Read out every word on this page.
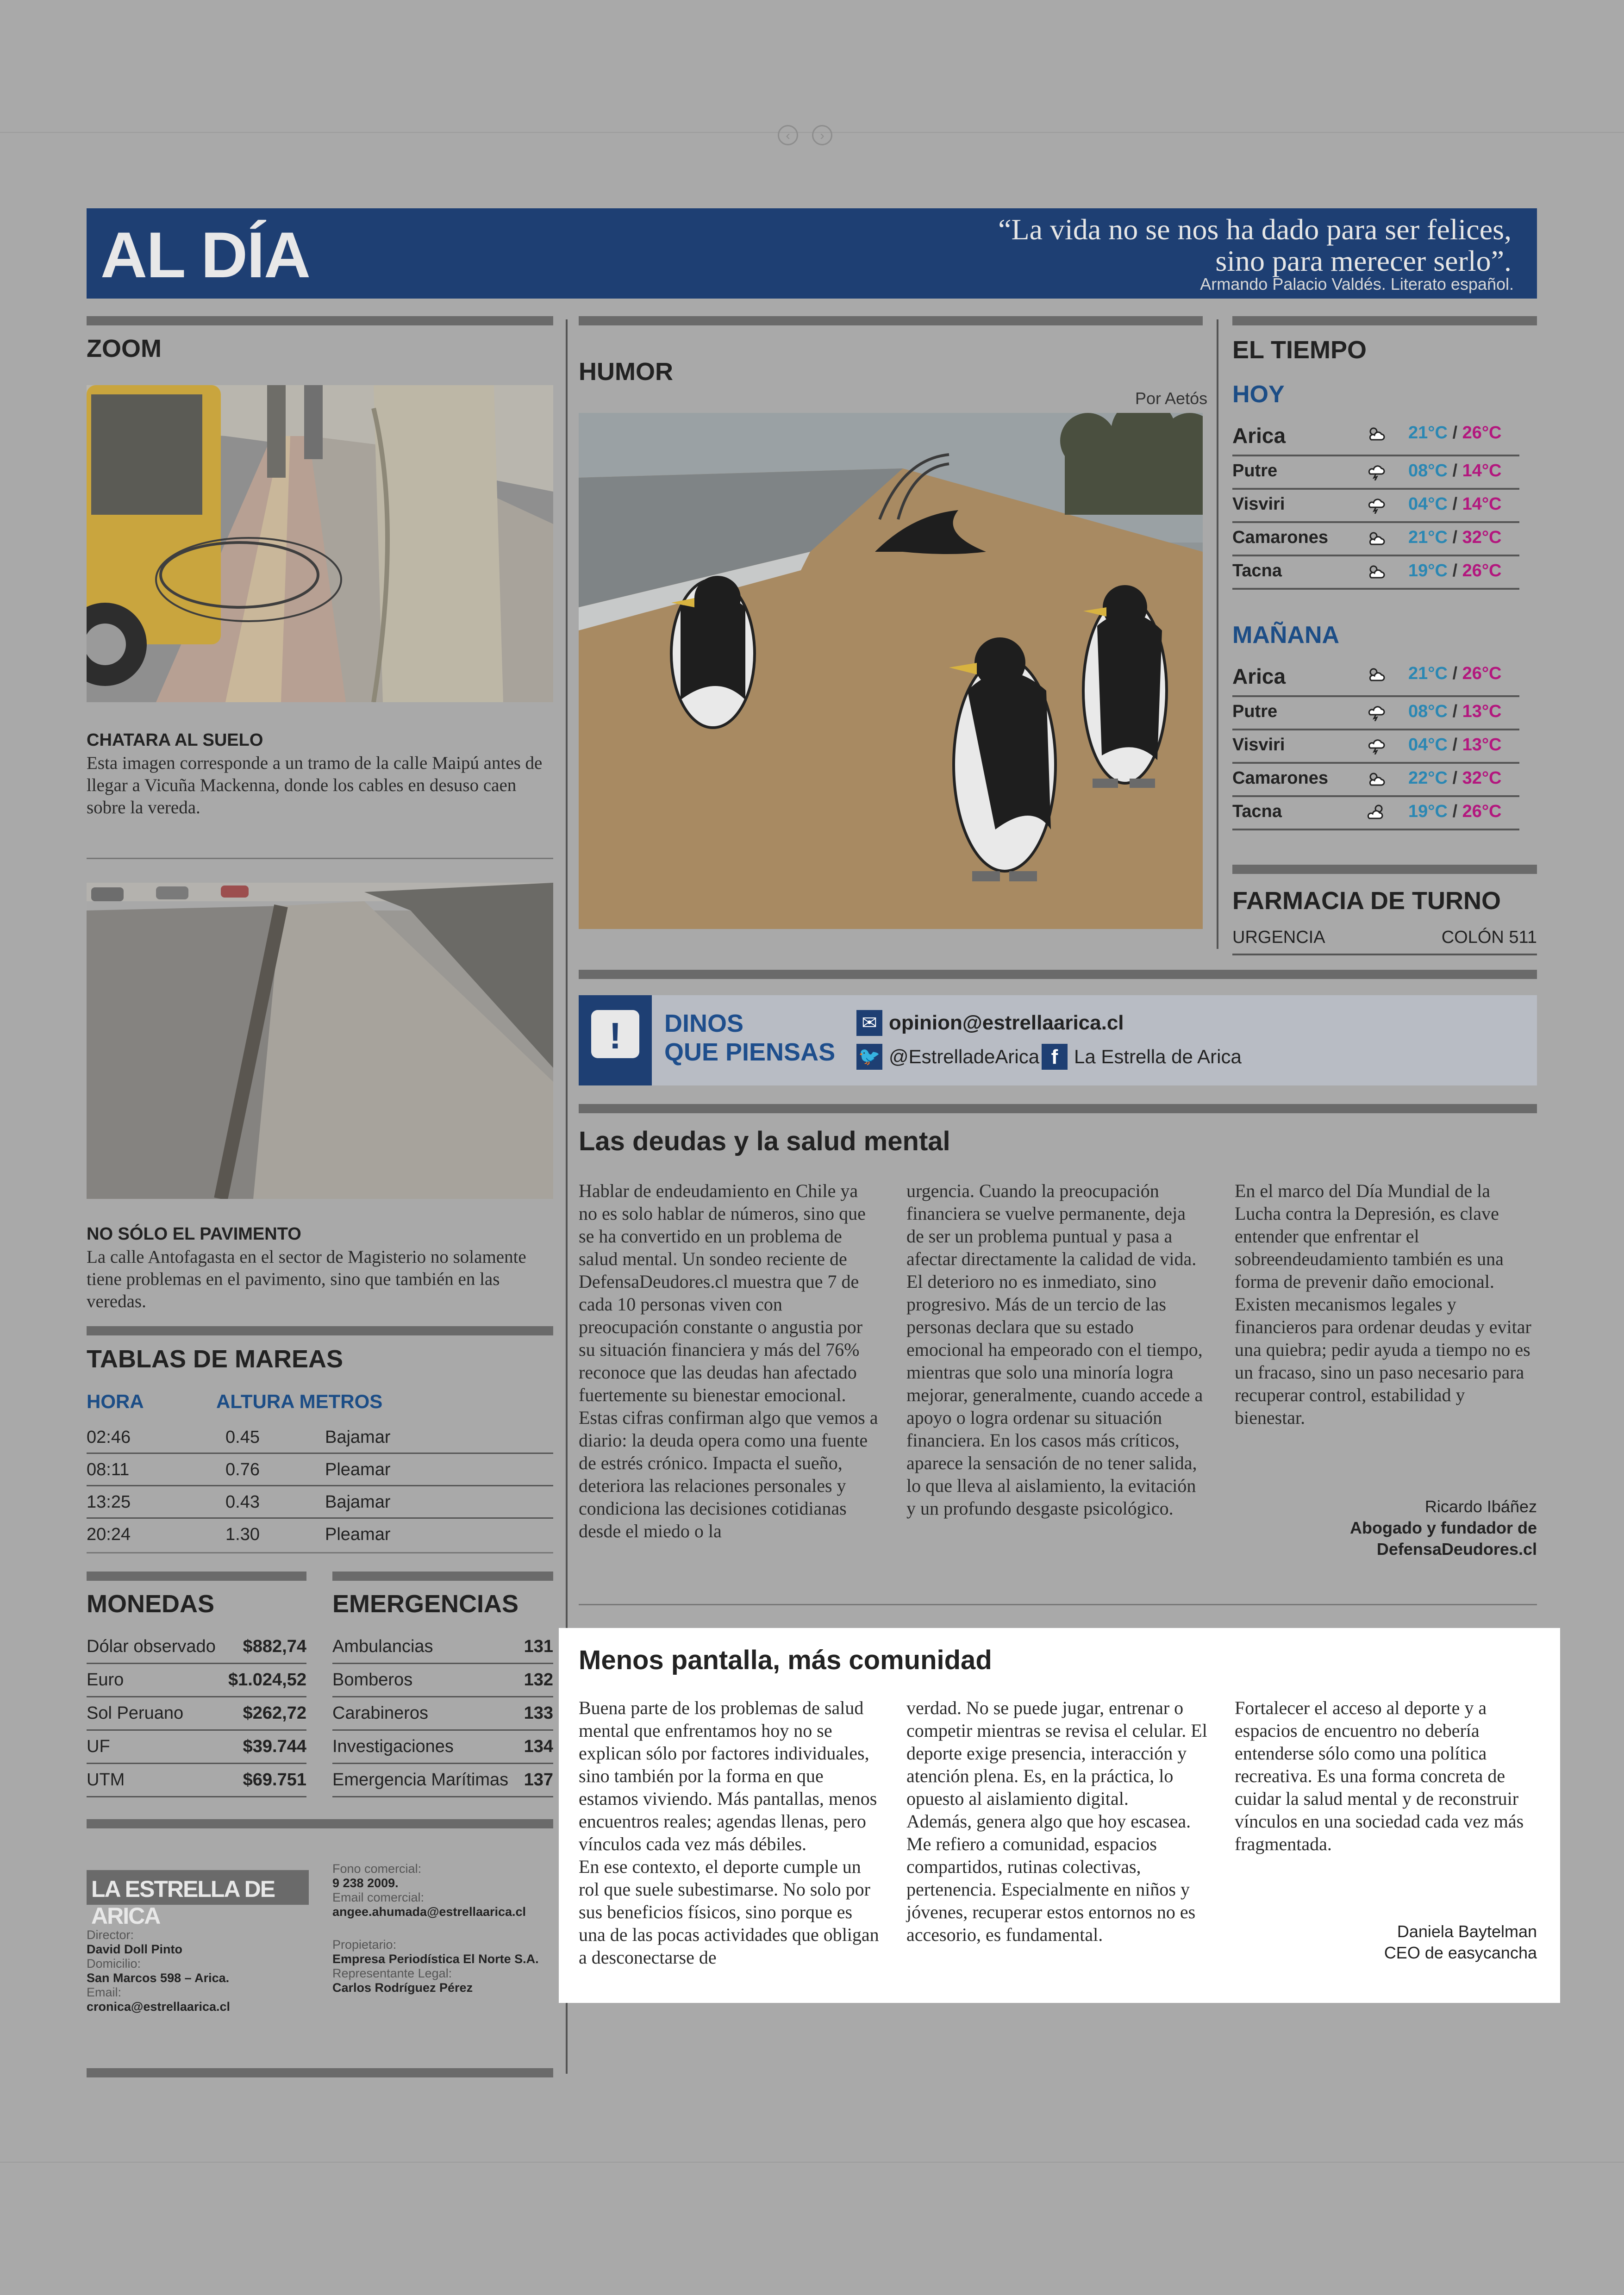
‹	›
AL DÍA	“La vida no se nos ha dado para ser felices,
sino para merecer serlo”.
Armando Palacio Valdés. Literato español.
ZOOM
CHATARA AL SUELO
Esta imagen corresponde a un tramo de la calle Maipú antes de llegar a Vicuña Mackenna, donde los cables en desuso caen sobre la vereda.
NO SÓLO EL PAVIMENTO
La calle Antofagasta en el sector de Magisterio no solamente tiene problemas en el pavimento, sino que también en las veredas.
TABLAS DE MAREAS
HORA	ALTURA METROS
02:46	0.45	Bajamar
08:11	0.76	Pleamar
13:25	0.43	Bajamar
20:24	1.30	Pleamar
MONEDAS
Dólar observado $882,74
Euro	$1.024,52
Sol Peruano	$262,72
UF	$39.744
UTM	$69.751
EMERGENCIAS
Ambulancias	131
Bomberos	132
Carabineros	133
Investigaciones	134
Emergencia Marítimas 137
LA ESTRELLA DE ARICA
Director:
David Doll Pinto
Domicilio:
San Marcos 598 – Arica.
Email:
cronica@estrellaarica.cl
Fono comercial:
9 238 2009.
Email comercial:
angee.ahumada@estrellaarica.cl
Propietario:
Empresa Periodística El Norte S.A.
Representante Legal:
Carlos Rodríguez Pérez
HUMOR
Por Aetós
EL TIEMPO
HOY
Arica	21°C / 26°C
Putre	08°C / 14°C
Visviri	04°C / 14°C
Camarones	21°C / 32°C
Tacna	19°C / 26°C
MAÑANA
Arica	21°C / 26°C
Putre	08°C / 13°C
Visviri	04°C / 13°C
Camarones	22°C / 32°C
Tacna	19°C / 26°C
FARMACIA DE TURNO
URGENCIA	COLÓN 511
!	DINOS
QUE PIENSAS
✉ opinion@estrellaarica.cl
🐦 @EstrelladeArica f La Estrella de Arica
Las deudas y la salud mental
Hablar de endeudamiento en Chile ya no es solo hablar de números, sino que se ha convertido en un problema de salud mental. Un sondeo reciente de DefensaDeudores.cl muestra que 7 de cada 10 personas viven con preocupación constante o angustia por su situación financiera y más del 76% reconoce que las deudas han afectado fuertemente su bienestar emocional.
Estas cifras confirman algo que vemos a diario: la deuda opera como una fuente de estrés crónico. Impacta el sueño, deteriora las relaciones personales y condiciona las decisiones cotidianas desde el miedo o la
urgencia. Cuando la preocupación financiera se vuelve permanente, deja de ser un problema puntual y pasa a afectar directamente la calidad de vida.
El deterioro no es inmediato, sino progresivo. Más de un tercio de las personas declara que su estado emocional ha empeorado con el tiempo, mientras que solo una minoría logra mejorar, generalmente, cuando accede a apoyo o logra ordenar su situación financiera. En los casos más críticos, aparece la sensación de no tener salida, lo que lleva al aislamiento, la evitación y un profundo desgaste psicológico.
En el marco del Día Mundial de la Lucha contra la Depresión, es clave entender que enfrentar el sobreendeudamiento también es una forma de prevenir daño emocional. Existen mecanismos legales y financieros para ordenar deudas y evitar una quiebra; pedir ayuda a tiempo no es un fracaso, sino un paso necesario para recuperar control, estabilidad y bienestar.
Ricardo Ibáñez
Abogado y fundador de
DefensaDeudores.cl
Menos pantalla, más comunidad
Buena parte de los problemas de salud mental que enfrentamos hoy no se explican sólo por factores individuales, sino también por la forma en que estamos viviendo. Más pantallas, menos encuentros reales; agendas llenas, pero vínculos cada vez más débiles.
En ese contexto, el deporte cumple un rol que suele subestimarse. No solo por sus beneficios físicos, sino porque es una de las pocas actividades que obligan a desconectarse de
verdad. No se puede jugar, entrenar o competir mientras se revisa el celular. El deporte exige presencia, interacción y atención plena. Es, en la práctica, lo opuesto al aislamiento digital.
Además, genera algo que hoy escasea. Me refiero a comunidad, espacios compartidos, rutinas colectivas, pertenencia. Especialmente en niños y jóvenes, recuperar estos entornos no es accesorio, es fundamental.
Fortalecer el acceso al deporte y a espacios de encuentro no debería entenderse sólo como una política recreativa. Es una forma concreta de cuidar la salud mental y de reconstruir vínculos en una sociedad cada vez más fragmentada.
Daniela Baytelman
CEO de easycancha
